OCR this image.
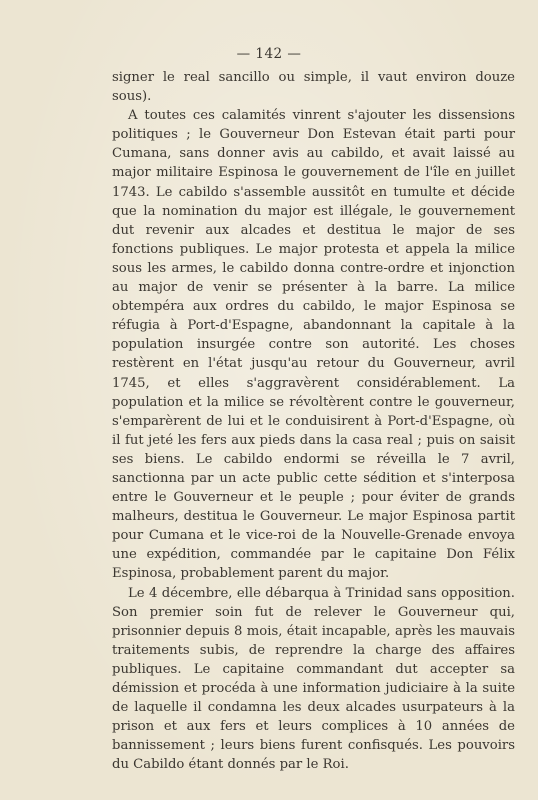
— 142 —

signer le real sancillo ou simple, il vaut environ douze sous).

A toutes ces calamités vinrent s'ajouter les dissensions politiques ; le Gouverneur Don Estevan était parti pour Cumana, sans donner avis au cabildo, et avait laissé au major militaire Espinosa le gouvernement de l'île en juillet 1743. Le cabildo s'assemble aussitôt en tumulte et décide que la nomination du major est illégale, le gouvernement dut revenir aux alcades et destitua le major de ses fonctions publiques. Le major protesta et appela la milice sous les armes, le cabildo donna contre-ordre et injonction au major de venir se présenter à la barre. La milice obtempéra aux ordres du cabildo, le major Espinosa se réfugia à Port-d'Espagne, abandonnant la capitale à la population insurgée contre son autorité. Les choses restèrent en l'état jusqu'au retour du Gouverneur, avril 1745, et elles s'aggravèrent considérablement. La population et la milice se révoltèrent contre le gouverneur, s'emparèrent de lui et le conduisirent à Port-d'Espagne, où il fut jeté les fers aux pieds dans la casa real ; puis on saisit ses biens. Le cabildo endormi se réveilla le 7 avril, sanctionna par un acte public cette sédition et s'interposa entre le Gouverneur et le peuple ; pour éviter de grands malheurs, destitua le Gouverneur. Le major Espinosa partit pour Cumana et le vice-roi de la Nouvelle-Grenade envoya une expédition, commandée par le capitaine Don Félix Espinosa, probablement parent du major.

Le 4 décembre, elle débarqua à Trinidad sans opposition. Son premier soin fut de relever le Gouverneur qui, prisonnier depuis 8 mois, était incapable, après les mauvais traitements subis, de reprendre la charge des affaires publiques. Le capitaine commandant dut accepter sa démission et procéda à une information judiciaire à la suite de laquelle il condamna les deux alcades usurpateurs à la prison et aux fers et leurs complices à 10 années de bannissement ; leurs biens furent confisqués. Les pouvoirs du Cabildo étant donnés par le Roi.
